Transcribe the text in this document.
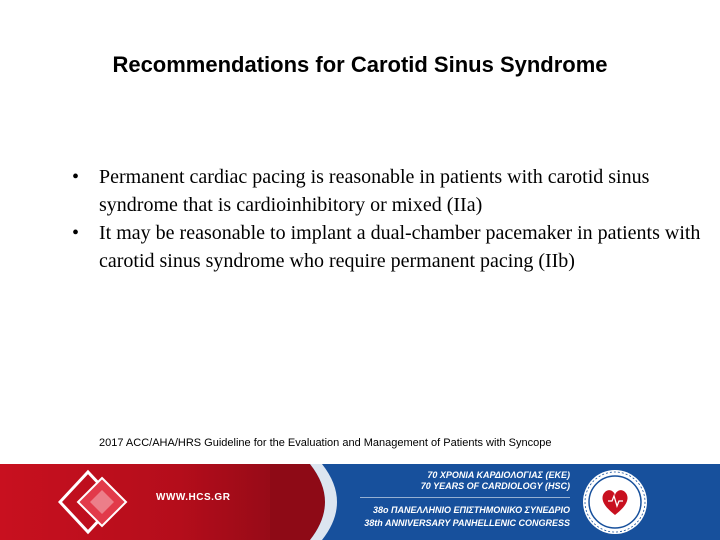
Recommendations for Carotid Sinus Syndrome
• Permanent cardiac pacing is reasonable in patients with carotid sinus syndrome that is cardioinhibitory or mixed (IIa)
• It may be reasonable to implant a dual-chamber pacemaker in patients with carotid sinus syndrome who require permanent pacing (IIb)
2017 ACC/AHA/HRS Guideline for the Evaluation and Management of Patients with Syncope
WWW.HCS.GR
70 ΧΡΟΝΙΑ ΚΑΡΔΙΟΛΟΓΙΑΣ (ΕΚΕ)
70 YEARS OF CARDIOLOGY (HSC)
38ο ΠΑΝΕΛΛΗΝΙΟ ΕΠΙΣΤΗΜΟΝΙΚΟ ΣΥΝΕΔΡΙΟ
38th ANNIVERSARY PANHELLENIC CONGRESS
